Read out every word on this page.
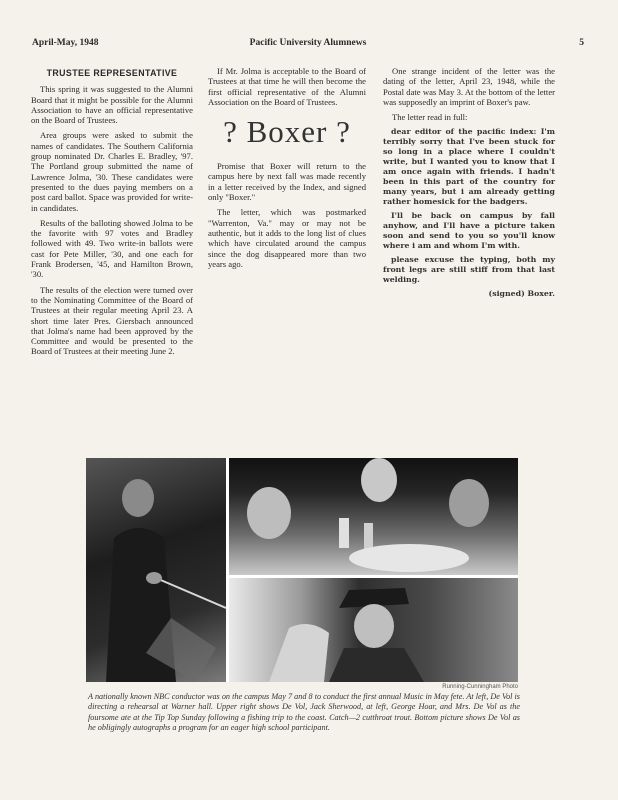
April-May, 1948	Pacific University Alumnews	5
TRUSTEE REPRESENTATIVE

This spring it was suggested to the Alumni Board that it might be possible for the Alumni Association to have an official representative on the Board of Trustees.

Area groups were asked to submit the names of candidates. The Southern California group nominated Dr. Charles E. Bradley, '97. The Portland group submitted the name of Lawrence Jolma, '30. These candidates were presented to the dues paying members on a post card ballot. Space was provided for write-in candidates.

Results of the balloting showed Jolma to be the favorite with 97 votes and Bradley followed with 49. Two write-in ballots were cast for Pete Miller, '30, and one each for Frank Brodersen, '45, and Hamilton Brown, '30.

The results of the election were turned over to the Nominating Committee of the Board of Trustees at their regular meeting April 23. A short time later Pres. Giersbach announced that Jolma's name had been approved by the Committee and would be presented to the Board of Trustees at their meeting June 2.

If Mr. Jolma is acceptable to the Board of Trustees at that time he will then become the first official representative of the Alumni Association on the Board of Trustees.

? Boxer ?

Promise that Boxer will return to the campus here by next fall was made recently in a letter received by the Index, and signed only "Boxer."

The letter, which was postmarked "Warrenton, Va." may or may not be authentic, but it adds to the long list of clues which have circulated around the campus since the dog disappeared more than two years ago.

One strange incident of the letter was the dating of the letter, April 23, 1948, while the Postal date was May 3. At the bottom of the letter was supposedly an imprint of Boxer's paw.

The letter read in full:

dear editor of the pacific index: I'm terribly sorry that I've been stuck for so long in a place where I couldn't write, but I wanted you to know that I am once again with friends. I hadn't been in this part of the country for many years, but i am already getting rather homesick for the badgers.

I'll be back on campus by fall anyhow, and I'll have a picture taken soon and send to you so you'll know where i am and whom I'm with.

please excuse the typing, both my front legs are still stiff from that last welding.

(signed) Boxer.

Running-Cunningham Photo
A nationally known NBC conductor was on the campus May 7 and 8 to conduct the first annual Music in May fete. At left, De Vol is directing a rehearsal at Warner hall. Upper right shows De Vol, Jack Sherwood, at left, George Hoar, and Mrs. De Vol as the foursome ate at the Tip Top Sunday following a fishing trip to the coast. Catch—2 cutthroat trout. Bottom picture shows De Vol as he obligingly autographs a program for an eager high school participant.
